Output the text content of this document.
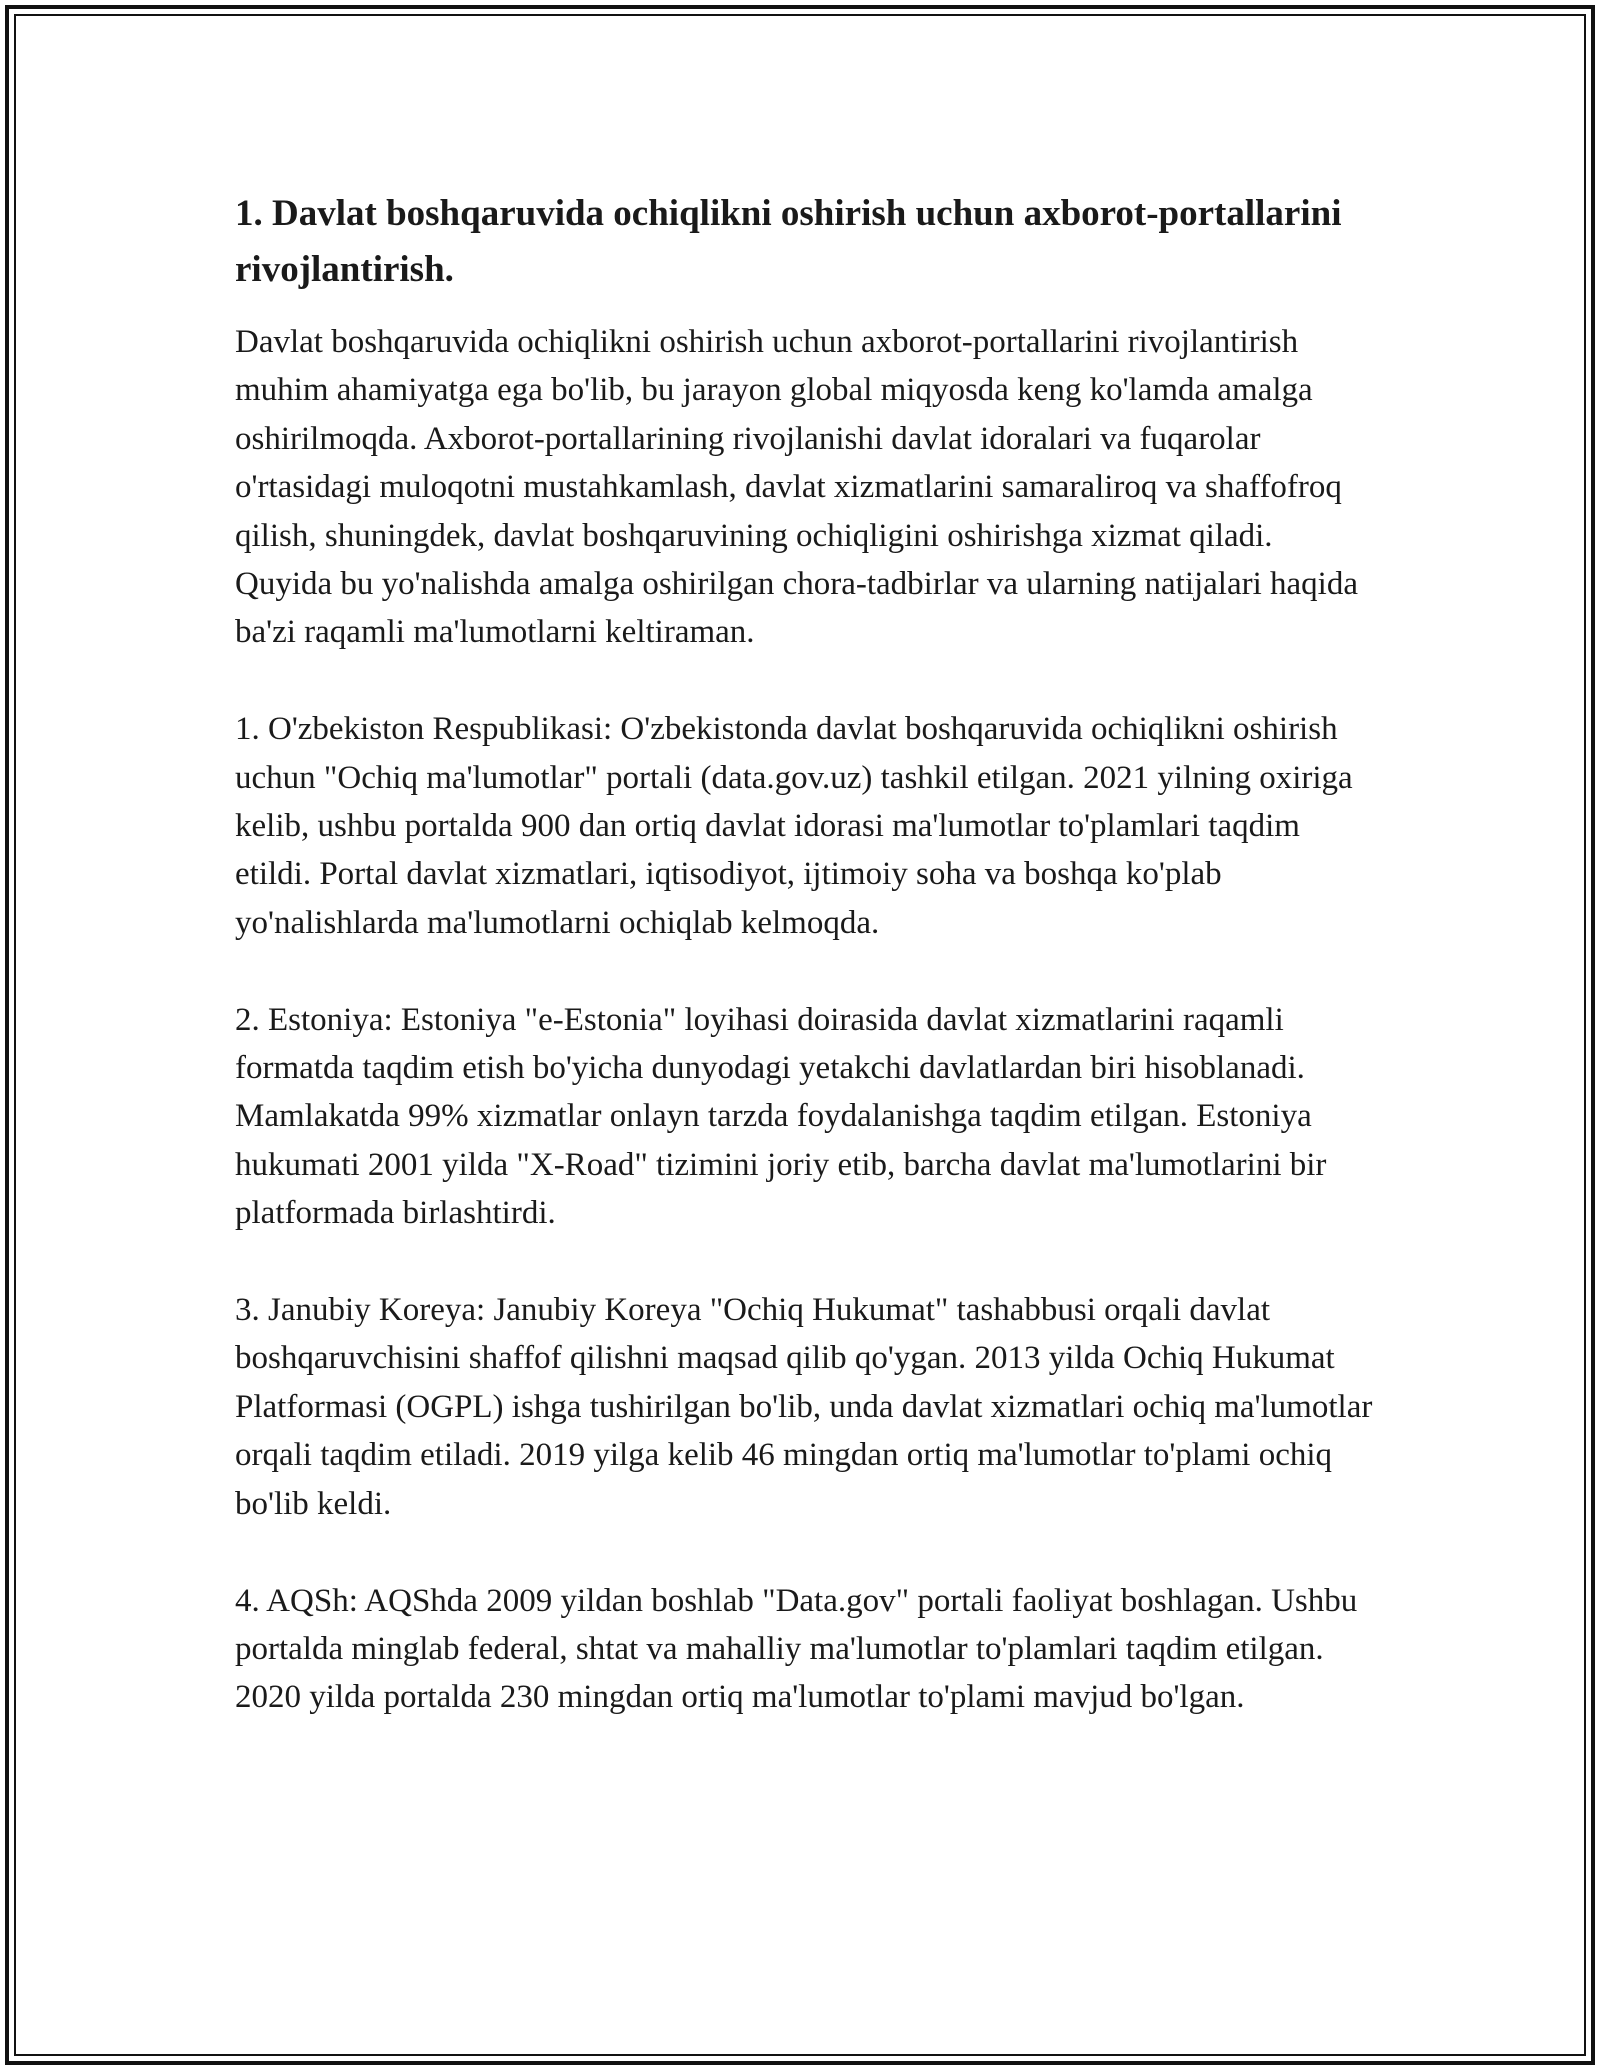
1. Davlat boshqaruvida ochiqlikni oshirish uchun axborot-portallarini rivojlantirish.

Davlat boshqaruvida ochiqlikni oshirish uchun axborot-portallarini rivojlantirish muhim ahamiyatga ega bo'lib, bu jarayon global miqyosda keng ko'lamda amalga oshirilmoqda. Axborot-portallarining rivojlanishi davlat idoralari va fuqarolar o'rtasidagi muloqotni mustahkamlash, davlat xizmatlarini samaraliroq va shaffofroq qilish, shuningdek, davlat boshqaruvining ochiqligini oshirishga xizmat qiladi. Quyida bu yo'nalishda amalga oshirilgan chora-tadbirlar va ularning natijalari haqida ba'zi raqamli ma'lumotlarni keltiraman.

1. O'zbekiston Respublikasi: O'zbekistonda davlat boshqaruvida ochiqlikni oshirish uchun "Ochiq ma'lumotlar" portali (data.gov.uz) tashkil etilgan. 2021 yilning oxiriga kelib, ushbu portalda 900 dan ortiq davlat idorasi ma'lumotlar to'plamlari taqdim etildi. Portal davlat xizmatlari, iqtisodiyot, ijtimoiy soha va boshqa ko'plab yo'nalishlarda ma'lumotlarni ochiqlab kelmoqda.

2. Estoniya: Estoniya "e-Estonia" loyihasi doirasida davlat xizmatlarini raqamli formatda taqdim etish bo'yicha dunyodagi yetakchi davlatlardan biri hisoblanadi. Mamlakatda 99% xizmatlar onlayn tarzda foydalanishga taqdim etilgan. Estoniya hukumati 2001 yilda "X-Road" tizimini joriy etib, barcha davlat ma'lumotlarini bir platformada birlashtirdi.

3. Janubiy Koreya: Janubiy Koreya "Ochiq Hukumat" tashabbusi orqali davlat boshqaruvchisini shaffof qilishni maqsad qilib qo'ygan. 2013 yilda Ochiq Hukumat Platformasi (OGPL) ishga tushirilgan bo'lib, unda davlat xizmatlari ochiq ma'lumotlar orqali taqdim etiladi. 2019 yilga kelib 46 mingdan ortiq ma'lumotlar to'plami ochiq bo'lib keldi.

4. AQSh: AQShda 2009 yildan boshlab "Data.gov" portali faoliyat boshlagan. Ushbu portalda minglab federal, shtat va mahalliy ma'lumotlar to'plamlari taqdim etilgan. 2020 yilda portalda 230 mingdan ortiq ma'lumotlar to'plami mavjud bo'lgan.
